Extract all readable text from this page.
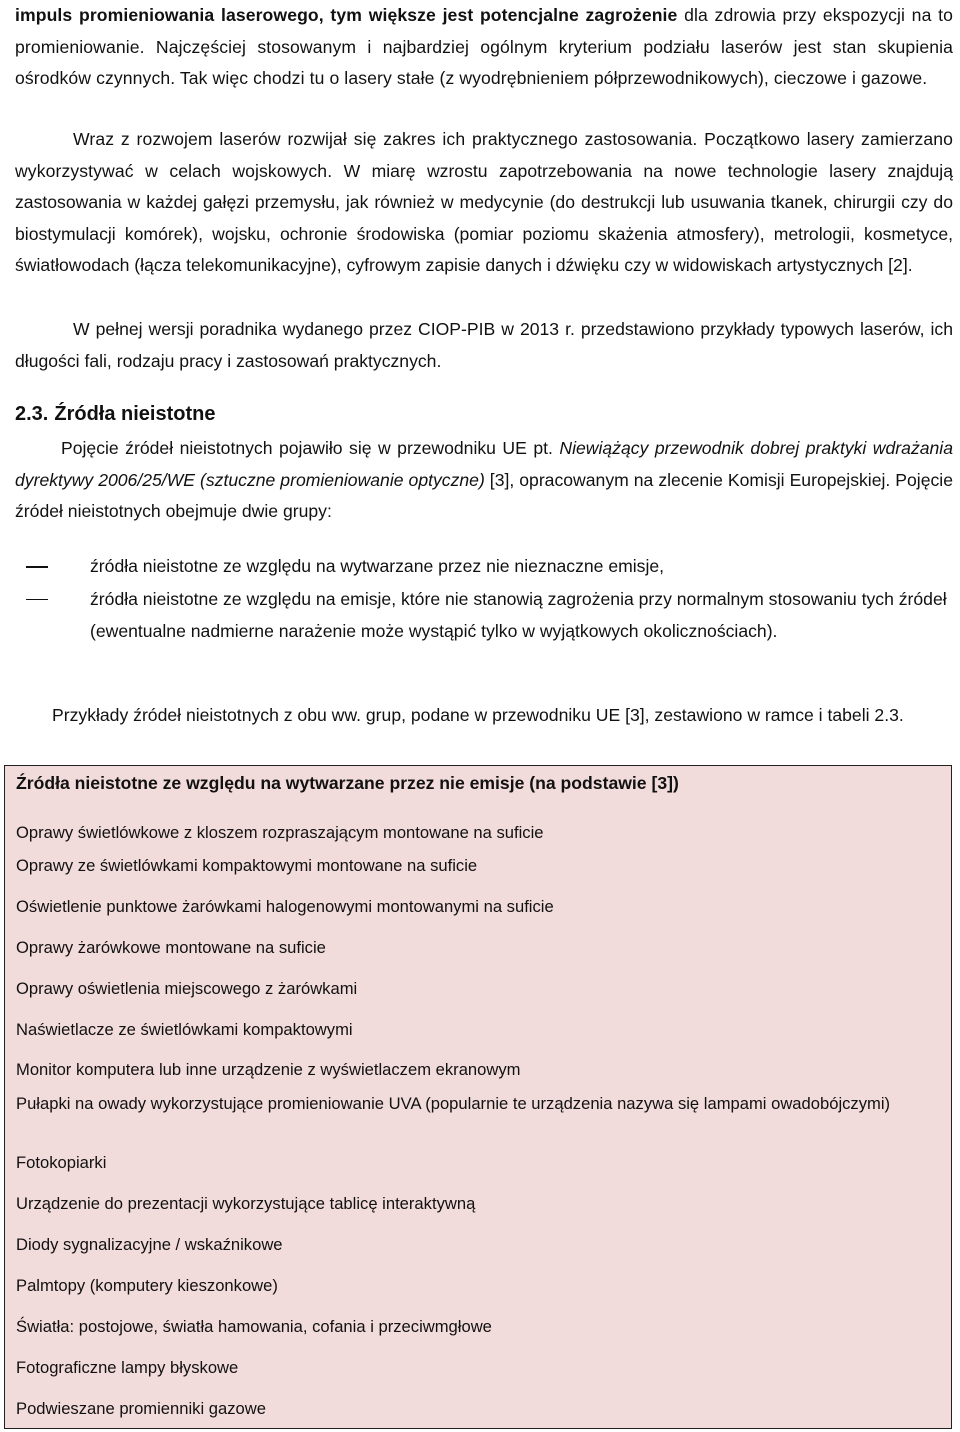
impuls promieniowania laserowego, tym większe jest potencjalne zagrożenie dla zdrowia przy ekspozycji na to promieniowanie. Najczęściej stosowanym i najbardziej ogólnym kryterium podziału laserów jest stan skupienia ośrodków czynnych. Tak więc chodzi tu o lasery stałe (z wyodrębnieniem półprzewodnikowych), cieczowe i gazowe.

Wraz z rozwojem laserów rozwijał się zakres ich praktycznego zastosowania. Początkowo lasery zamierzano wykorzystywać w celach wojskowych. W miarę wzrostu zapotrzebowania na nowe technologie lasery znajdują zastosowania w każdej gałęzi przemysłu, jak również w medycynie (do destrukcji lub usuwania tkanek, chirurgii czy do biostymulacji komórek), wojsku, ochronie środowiska (pomiar poziomu skażenia atmosfery), metrologii, kosmetyce, światłowodach (łącza telekomunikacyjne), cyfrowym zapisie danych i dźwięku czy w widowiskach artystycznych [2].

W pełnej wersji poradnika wydanego przez CIOP-PIB w 2013 r. przedstawiono przykłady typowych laserów, ich długości fali, rodzaju pracy i zastosowań praktycznych.

2.3. Źródła nieistotne

Pojęcie źródeł nieistotnych pojawiło się w przewodniku UE pt. Niewiążący przewodnik dobrej praktyki wdrażania dyrektywy 2006/25/WE (sztuczne promieniowanie optyczne) [3], opracowanym na zlecenie Komisji Europejskiej. Pojęcie źródeł nieistotnych obejmuje dwie grupy:

źródła nieistotne ze względu na wytwarzane przez nie nieznaczne emisje,
źródła nieistotne ze względu na emisje, które nie stanowią zagrożenia przy normalnym stosowaniu tych źródeł (ewentualne nadmierne narażenie może wystąpić tylko w wyjątkowych okolicznościach).

Przykłady źródeł nieistotnych z obu ww. grup, podane w przewodniku UE [3], zestawiono w ramce i tabeli 2.3.

Źródła nieistotne ze względu na wytwarzane przez nie emisje (na podstawie [3])
Oprawy świetlówkowe z kloszem rozpraszającym montowane na suficie
Oprawy ze świetlówkami kompaktowymi montowane na suficie
Oświetlenie punktowe żarówkami halogenowymi montowanymi na suficie
Oprawy żarówkowe montowane na suficie
Oprawy oświetlenia miejscowego z żarówkami
Naświetlacze ze świetlówkami kompaktowymi
Monitor komputera lub inne urządzenie z wyświetlaczem ekranowym
Pułapki na owady wykorzystujące promieniowanie UVA (popularnie te urządzenia nazywa się lampami owadobójczymi)
Fotokopiarki
Urządzenie do prezentacji wykorzystujące tablicę interaktywną
Diody sygnalizacyjne / wskaźnikowe
Palmtopy (komputery kieszonkowe)
Światła: postojowe, światła hamowania, cofania i przeciwmgłowe
Fotograficzne lampy błyskowe
Podwieszane promienniki gazowe
